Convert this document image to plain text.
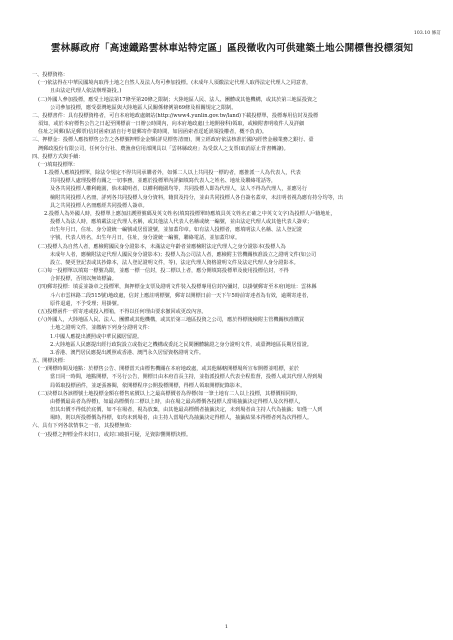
103.10 修訂
雲林縣政府「高速鐵路雲林車站特定區」區段徵收內可供建築土地公開標售投標須知
一、投標資格：
(一)依法得在中華民國境內取得土地之自然人及法人均可參加投標。(未成年人須繳法定代理人取得法定代理人之同意書，
且由法定代理人依法辦理簽投。)
(二)外國人參加投標，應受土地法第17條至第20條之限制；大陸地區人民、法人、團體或其他機構，或其於第三地區投資之
公司參加投標，應受臺灣地區與大陸地區人民關係條例第69條及相關規定之限制。
二、投標書件：具有投標資格者，可自本府地政處網站(http://www4.yunlin.gov.tw/land)下載投標單，投標專用信封及投標
須知，或於本府標售公告之日起至開標前一日辦公時間內，向本府地政處(土地開發科)領取，或檢附書明收件人及詳細
住址之回郵(貼足郵票)信封函索(請自行考量郵寄作業時間，如因函索者逕延誤領投權者，概不負責)。
三、押標金：投標人應按標售公告之各標號押標金金額(詳見標售清冊)，開立經政府依法核准於國內經營金融業務之銀行、臺
灣郵政股份有限公司，任何分行社、農漁會信用部開具以「雲林縣政府」為受款人之支票(取消原止背書轉讓)。
四、投標方式與手續：
(一)填寫投標單：
1.投標人應填投標單，除法令規定不得共同承購者外，如係二人以上共同投一標的者，應推派一人為代表人，代表
共同投標人處理投標有關之一切事務，並應於投標單內詳細填寫代表人之姓名、地址及聯絡電話等，
及各共同投標人權利範圍，倘未載明者，以權利範圍均等，共同投標人即為代理人，法人不得為代理人，並應另行
檢附共同投標人名冊，詳列各共同投標人身分資料，籍貫及持分，並由共同投標人各自簽名蓋章，未註明者視為應有持分均等，出
具之共同投標人名冊應經共同投標人簽章。
2.投標人為外國人時，投標單上應加註護照號碼及英文姓名(填寫投標單時應填具英文姓名正確之中英文文字)為投標人戶籍地址，
投標人為法人時，應填載法定代理人名稱，或其他法人代表人名稱或統一編號，並由法定代理人或其他代表人簽章；
出生年月日，住址、身分證統一編號或居留證號，並加蓋印章。如有法人投標者，應填明法人名稱、法人登記證
字號，代表人姓名，出生年月日，住址，身分證統一編號，聯絡電話，並加蓋印章。
(二)投標人為自然人者，應檢附國民身分證影本，未滿法定年齡者並應檢附法定代理人之身分證影本(投標人為
未成年人者，應檢附法定代理人國民身分證影本)；投標人為公司法人者，應檢附主管機關核准設立之證明文件(如公司
設立、變更登記表或其抄錄本，法人登記證明文件，等)，法定代理人資格證明文件及法定代理人身分證影本。
(三)每一投標單以填寫一標號為限，並應一標一信封，投二標以上者，應分開填寫投標單及使用投標信封，不得
合併投標，否則以無效標論。
(四)郵寄投標：填妥並簽章之投標單，與押標金支票及證明文件裝入投標專用信封內彌封，以掛號郵寄至本府(地址：雲林縣
斗六市雲林路二段515號)地政處，信封上應註明標號，郵寄以開標日前一天下午5時前寄達者為有效，逾期寄達者，
原件退還，不予受理；用掛號。
(五)投標函件一經寄達或投入標箱，不得以任何理由要求撤回或更改內容。
(六)外國人，大陸地區人民、法人、團體或其他機構，或其於第三地區投資之公司，應於得標後檢附主管機關核准購買
土地之證明文件，並繳納下列身分證明文件：
1.中國人應提出護照或中華民國居留證。
2.大陸地區人民應提出經行政院設立或指定之機構或委託之民間團體驗證之身分證明文件，或臺灣地區長期居留證。
3.香港、澳門居民應提出護照或香港、澳門永久居留資格證明文件。
五、開標決標：
(一)開標時間及地點：於標售公告、開標當天由標售機關在本府地政處，或其他縣轄開標場所宣布開標並唱標，並於
當日同一時間，地點開標，不另行公告，開標日由本府首長主持，並指派投標人代表全程監督，投標人或其代理人得到場
局領取投標函件，並逐張審閱，依開標程序公開投標開標，得標人領取開標紀錄影本。
(二)決標以各該標號土地投標金額在標售底價以上之最高標價者為得標(如一筆土地有二人以上投標，其標價相同時，
由標價最高者為得標)，如最高標價有二標以上時，由在場之最高標價各投標人當場抽籤決定得標人及次得標人，
但其出價不得低於底價，如不在場者，視為放棄，由其他最高標價者抽籤決定，未到場者由主持人代為抽籤；如僅一人到
場時，則以所投標價為得標，如均未到場者，由主持人當場代為抽籤決定得標人，抽籤結果本得標者列為次得標人。
六、具有下列各款情事之一者，其投標無效：
(一)投標之押標金件未封口，或封口破損可疑，足資影響開標決標。
1
